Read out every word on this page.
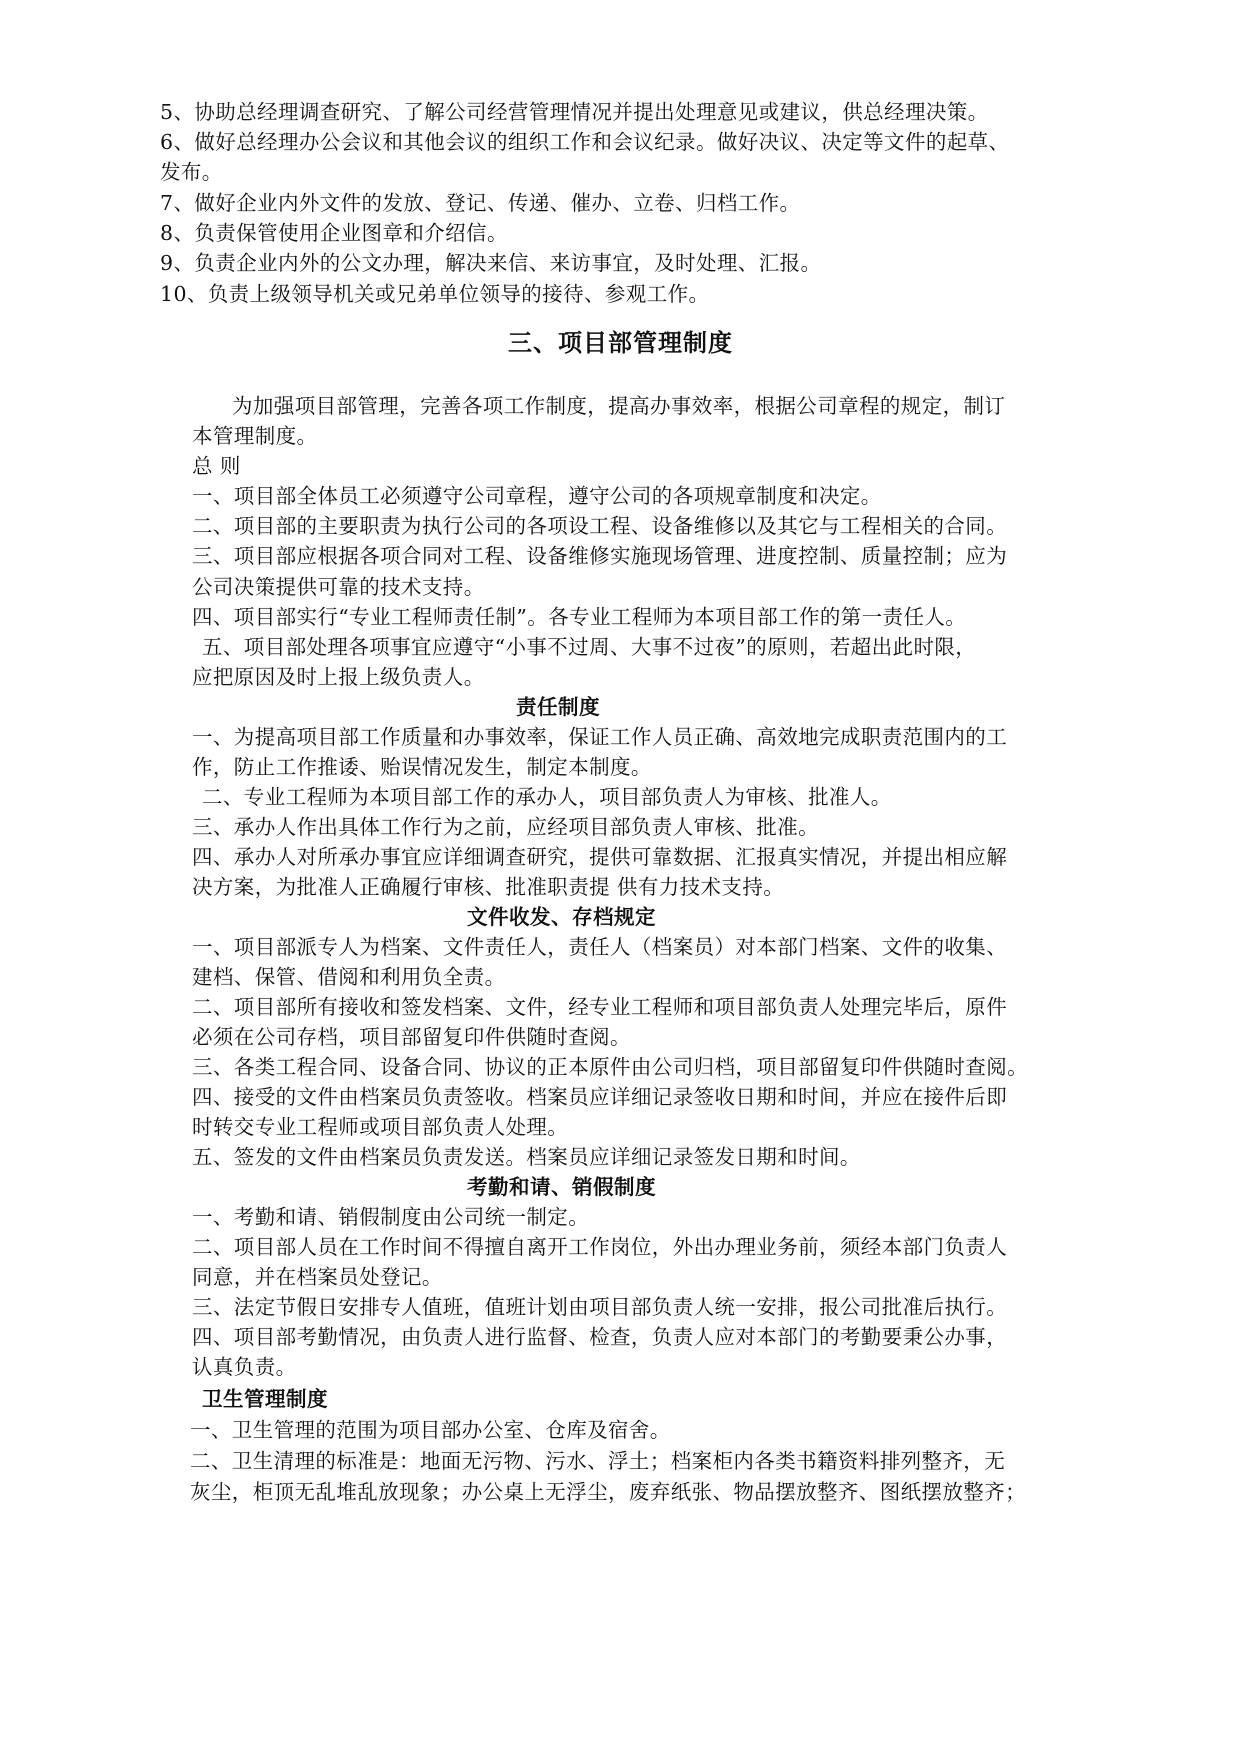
5、协助总经理调查研究、了解公司经营管理情况并提出处理意见或建议，供总经理决策。
6、做好总经理办公会议和其他会议的组织工作和会议纪录。做好决议、决定等文件的起草、
发布。
7、做好企业内外文件的发放、登记、传递、催办、立卷、归档工作。
8、负责保管使用企业图章和介绍信。
9、负责企业内外的公文办理，解决来信、来访事宜，及时处理、汇报。
10、负责上级领导机关或兄弟单位领导的接待、参观工作。
三、项目部管理制度
为加强项目部管理，完善各项工作制度，提高办事效率，根据公司章程的规定，制订
本管理制度。
总 则
一、项目部全体员工必须遵守公司章程，遵守公司的各项规章制度和决定。
二、项目部的主要职责为执行公司的各项设工程、设备维修以及其它与工程相关的合同。
三、项目部应根据各项合同对工程、设备维修实施现场管理、进度控制、质量控制；应为
公司决策提供可靠的技术支持。
四、项目部实行“专业工程师责任制”。各专业工程师为本项目部工作的第一责任人。
五、项目部处理各项事宜应遵守“小事不过周、大事不过夜”的原则，若超出此时限，
应把原因及时上报上级负责人。
责任制度
一、为提高项目部工作质量和办事效率，保证工作人员正确、高效地完成职责范围内的工
作，防止工作推诿、贻误情况发生，制定本制度。
二、专业工程师为本项目部工作的承办人，项目部负责人为审核、批准人。
三、承办人作出具体工作行为之前，应经项目部负责人审核、批准。
四、承办人对所承办事宜应详细调查研究，提供可靠数据、汇报真实情况，并提出相应解
决方案，为批准人正确履行审核、批准职责提 供有力技术支持。
文件收发、存档规定
一、项目部派专人为档案、文件责任人，责任人（档案员）对本部门档案、文件的收集、
建档、保管、借阅和利用负全责。
二、项目部所有接收和签发档案、文件，经专业工程师和项目部负责人处理完毕后，原件
必须在公司存档，项目部留复印件供随时查阅。
三、各类工程合同、设备合同、协议的正本原件由公司归档，项目部留复印件供随时查阅。
四、接受的文件由档案员负责签收。档案员应详细记录签收日期和时间，并应在接件后即
时转交专业工程师或项目部负责人处理。
五、签发的文件由档案员负责发送。档案员应详细记录签发日期和时间。
考勤和请、销假制度
一、考勤和请、销假制度由公司统一制定。
二、项目部人员在工作时间不得擅自离开工作岗位，外出办理业务前，须经本部门负责人
同意，并在档案员处登记。
三、法定节假日安排专人值班，值班计划由项目部负责人统一安排，报公司批准后执行。
四、项目部考勤情况，由负责人进行监督、检查，负责人应对本部门的考勤要秉公办事，
认真负责。
卫生管理制度
一、卫生管理的范围为项目部办公室、仓库及宿舍。
二、卫生清理的标准是：地面无污物、污水、浮土；档案柜内各类书籍资料排列整齐，无
灰尘，柜顶无乱堆乱放现象；办公桌上无浮尘，废弃纸张、物品摆放整齐、图纸摆放整齐；
